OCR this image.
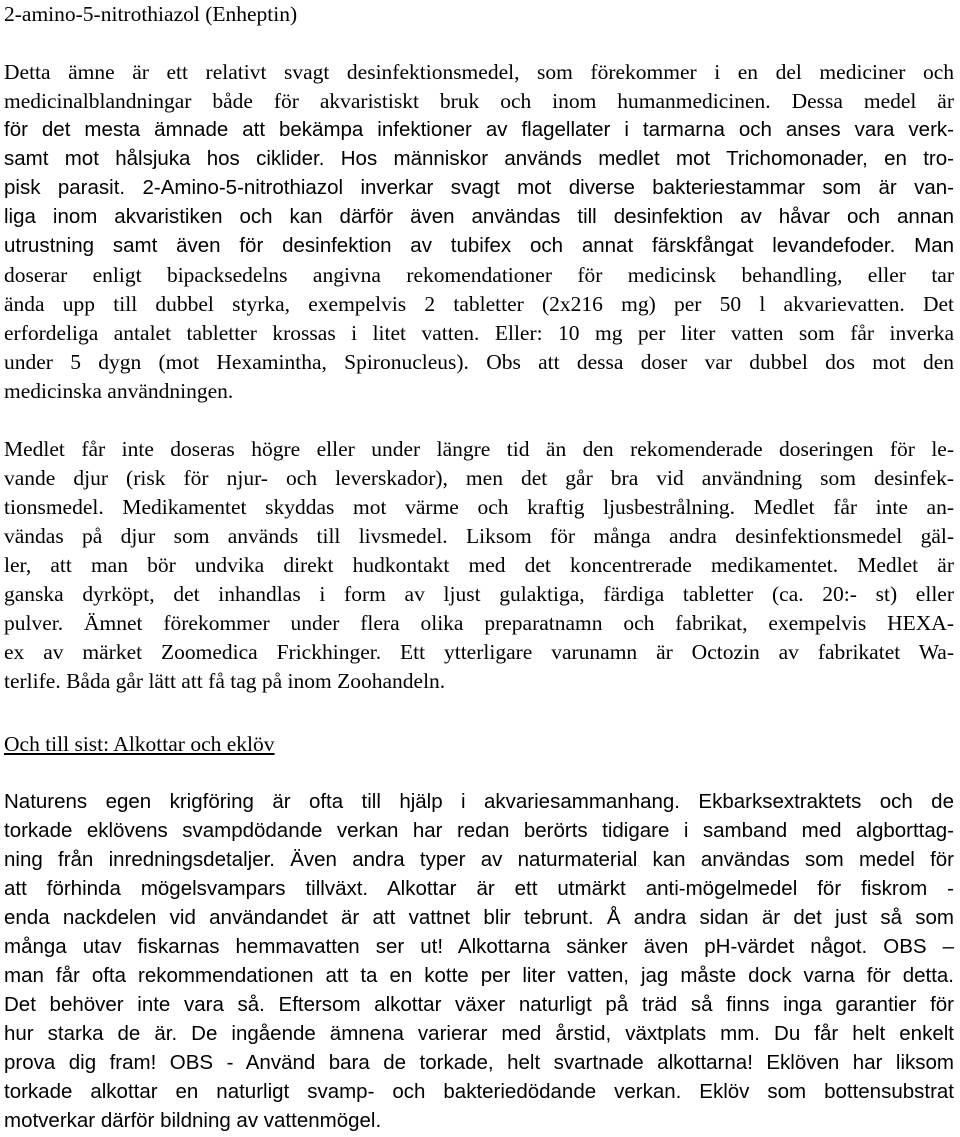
2-amino-5-nitrothiazol (Enheptin)
Detta ämne är ett relativt svagt desinfektionsmedel, som förekommer i en del mediciner och
medicinalblandningar både för akvaristiskt bruk och inom humanmedicinen. Dessa medel är
för det mesta ämnade att bekämpa infektioner av flagellater i tarmarna och anses vara verk-
samt mot hålsjuka hos ciklider. Hos människor används medlet mot Trichomonader, en tro-
pisk parasit. 2-Amino-5-nitrothiazol inverkar svagt mot diverse bakteriestammar som är van-
liga inom akvaristiken och kan därför även användas till desinfektion av håvar och annan
utrustning samt även för desinfektion av tubifex och annat färskfångat levandefoder. Man
doserar enligt bipacksedelns angivna rekomendationer för medicinsk behandling, eller tar
ända upp till dubbel styrka, exempelvis 2 tabletter (2x216 mg) per 50 l akvarievatten. Det
erfordeliga antalet tabletter krossas i litet vatten. Eller: 10 mg per liter vatten som får inverka
under 5 dygn (mot Hexamintha, Spironucleus). Obs att dessa doser var dubbel dos mot den
medicinska användningen.
Medlet får inte doseras högre eller under längre tid än den rekomenderade doseringen för le-
vande djur (risk för njur- och leverskador), men det går bra vid användning som desinfek-
tionsmedel. Medikamentet skyddas mot värme och kraftig ljusbestrålning. Medlet får inte an-
vändas på djur som används till livsmedel. Liksom för många andra desinfektionsmedel gäl-
ler, att man bör undvika direkt hudkontakt med det koncentrerade medikamentet. Medlet är
ganska dyrköpt, det inhandlas i form av ljust gulaktiga, färdiga tabletter (ca. 20:- st) eller
pulver. Ämnet förekommer under flera olika preparatnamn och fabrikat, exempelvis HEXA-
ex av märket Zoomedica Frickhinger. Ett ytterligare varunamn är Octozin av fabrikatet Wa-
terlife. Båda går lätt att få tag på inom Zoohandeln.
Och till sist: Alkottar och eklöv
Naturens egen krigföring är ofta till hjälp i akvariesammanhang. Ekbarksextraktets och de
torkade eklövens svampdödande verkan har redan berörts tidigare i samband med algborttag-
ning från inredningsdetaljer. Även andra typer av naturmaterial kan användas som medel för
att förhinda mögelsvampars tillväxt. Alkottar är ett utmärkt anti-mögelmedel för fiskrom -
enda nackdelen vid användandet är att vattnet blir tebrunt. Å andra sidan är det just så som
många utav fiskarnas hemmavatten ser ut! Alkottarna sänker även pH-värdet något. OBS –
man får ofta rekommendationen att ta en kotte per liter vatten, jag måste dock varna för detta.
Det behöver inte vara så. Eftersom alkottar växer naturligt på träd så finns inga garantier för
hur starka de är. De ingående ämnena varierar med årstid, växtplats mm. Du får helt enkelt
prova dig fram! OBS - Använd bara de torkade, helt svartnade alkottarna! Eklöven har liksom
torkade alkottar en naturligt svamp- och bakteriedödande verkan. Eklöv som bottensubstrat
motverkar därför bildning av vattenmögel.
